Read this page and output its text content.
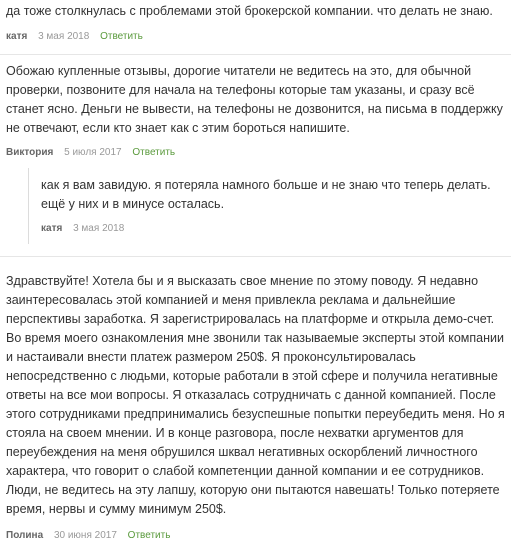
да тоже столкнулась с проблемами этой брокерской компании. что делать не знаю.

катя 3 мая 2018 Ответить

Обожаю купленные отзывы, дорогие читатели не ведитесь на это, для обычной проверки, позвоните для начала на телефоны которые там указаны, и сразу всё станет ясно. Деньги не вывести, на телефоны не дозвонится, на письма в поддержку не отвечают, если кто знает как с этим бороться напишите.

Виктория 5 июля 2017 Ответить

как я вам завидую. я потеряла намного больше и не знаю что теперь делать. ещё у них и в минусе осталась.

катя 3 мая 2018

Здравствуйте! Хотела бы и я высказать свое мнение по этому поводу. Я недавно заинтересовалась этой компанией и меня привлекла реклама и дальнейшие перспективы заработка. Я зарегистрировалась на платформе и открыла демо-счет. Во время моего ознакомления мне звонили так называемые эксперты этой компании и настаивали внести платеж размером 250$. Я проконсультировалась непосредственно с людьми, которые работали в этой сфере и получила негативные ответы на все мои вопросы. Я отказалась сотрудничать с данной компанией. После этого сотрудниками предпринимались безуспешные попытки переубедить меня. Но я стояла на своем мнении. И в конце разговора, после нехватки аргументов для переубеждения на меня обрушился шквал негативных оскорблений личностного характера, что говорит о слабой компетенции данной компании и ее сотрудников. Люди, не ведитесь на эту лапшу, которую они пытаются навешать! Только потеряете время, нервы и сумму минимум 250$.

Полина 30 июня 2017 Ответить
